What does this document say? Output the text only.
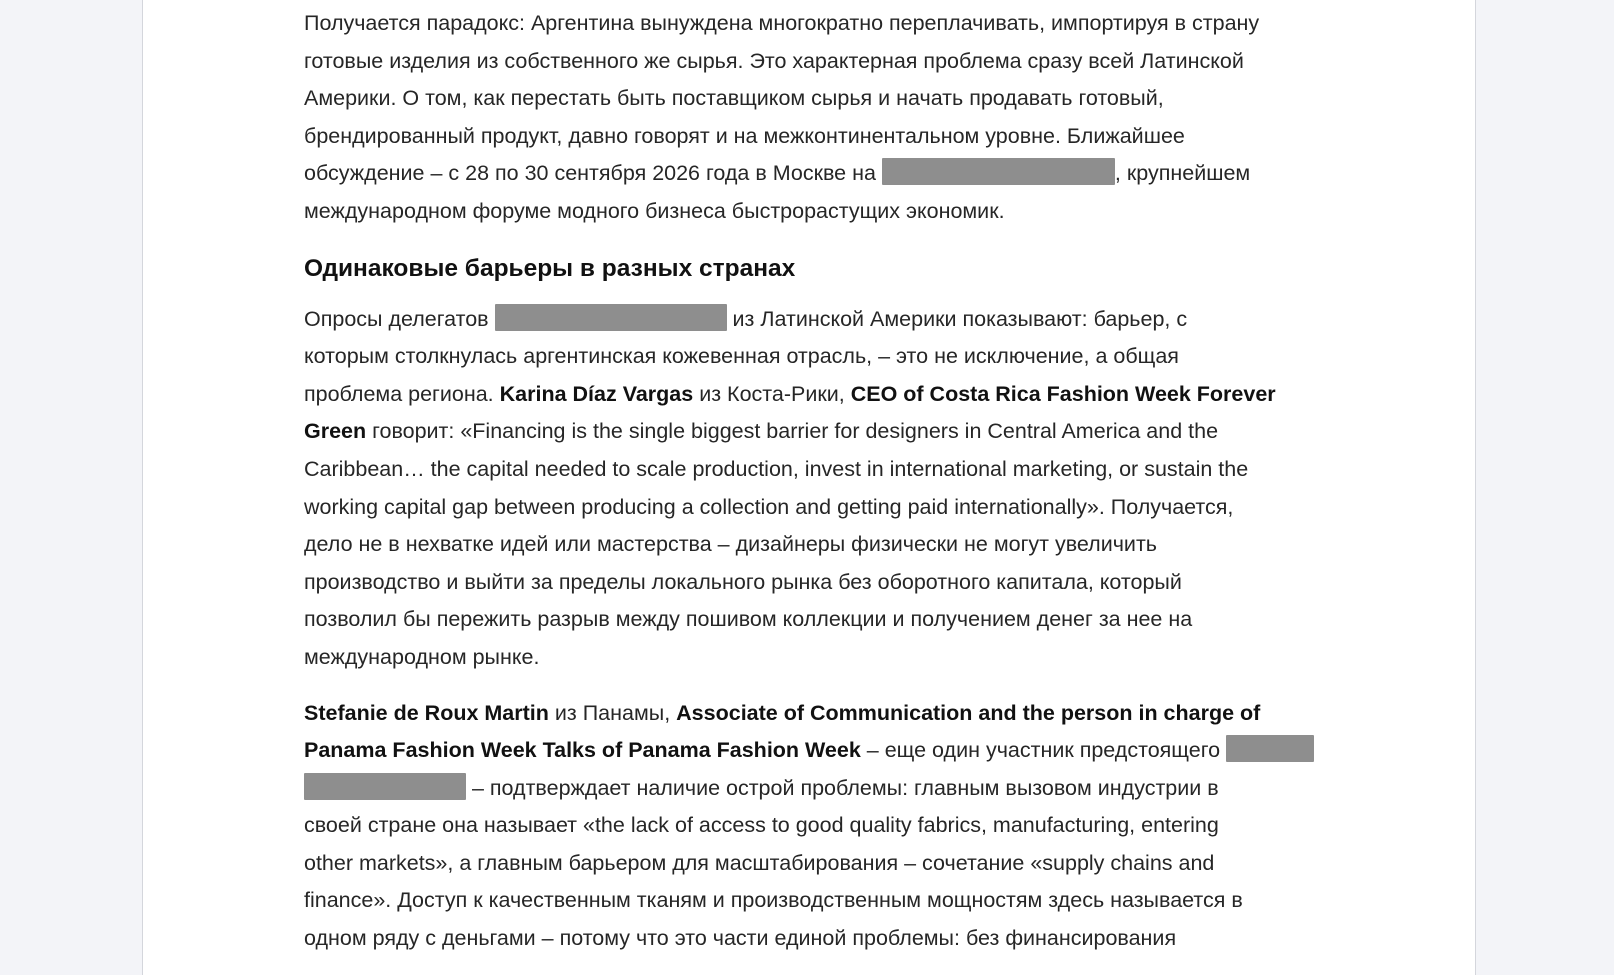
Получается парадокс: Аргентина вынуждена многократно переплачивать, импортируя в страну
готовые изделия из собственного же сырья. Это характерная проблема сразу всей Латинской
Америки. О том, как перестать быть поставщиком сырья и начать продавать готовый,
брендированный продукт, давно говорят и на межконтинентальном уровне. Ближайшее
обсуждение – с 28 по 30 сентября 2026 года в Москве на	, крупнейшем
международном форуме модного бизнеса быстрорастущих экономик.

Одинаковые барьеры в разных странах

Опросы делегатов	из Латинской Америки показывают: барьер, с
которым столкнулась аргентинская кожевенная отрасль, – это не исключение, а общая
проблема региона. Karina Díaz Vargas из Коста-Рики, CEO of Costa Rica Fashion Week Forever
Green говорит: «Financing is the single biggest barrier for designers in Central America and the
Caribbean… the capital needed to scale production, invest in international marketing, or sustain the
working capital gap between producing a collection and getting paid internationally». Получается,
дело не в нехватке идей или мастерства – дизайнеры физически не могут увеличить
производство и выйти за пределы локального рынка без оборотного капитала, который
позволил бы пережить разрыв между пошивом коллекции и получением денег за нее на
международном рынке.

Stefanie de Roux Martin из Панамы, Associate of Communication and the person in charge of
Panama Fashion Week Talks of Panama Fashion Week – еще один участник предстоящего
– подтверждает наличие острой проблемы: главным вызовом индустрии в
своей стране она называет «the lack of access to good quality fabrics, manufacturing, entering
other markets», а главным барьером для масштабирования – сочетание «supply chains and
finance». Доступ к качественным тканям и производственным мощностям здесь называется в
одном ряду с деньгами – потому что это части единой проблемы: без финансирования
